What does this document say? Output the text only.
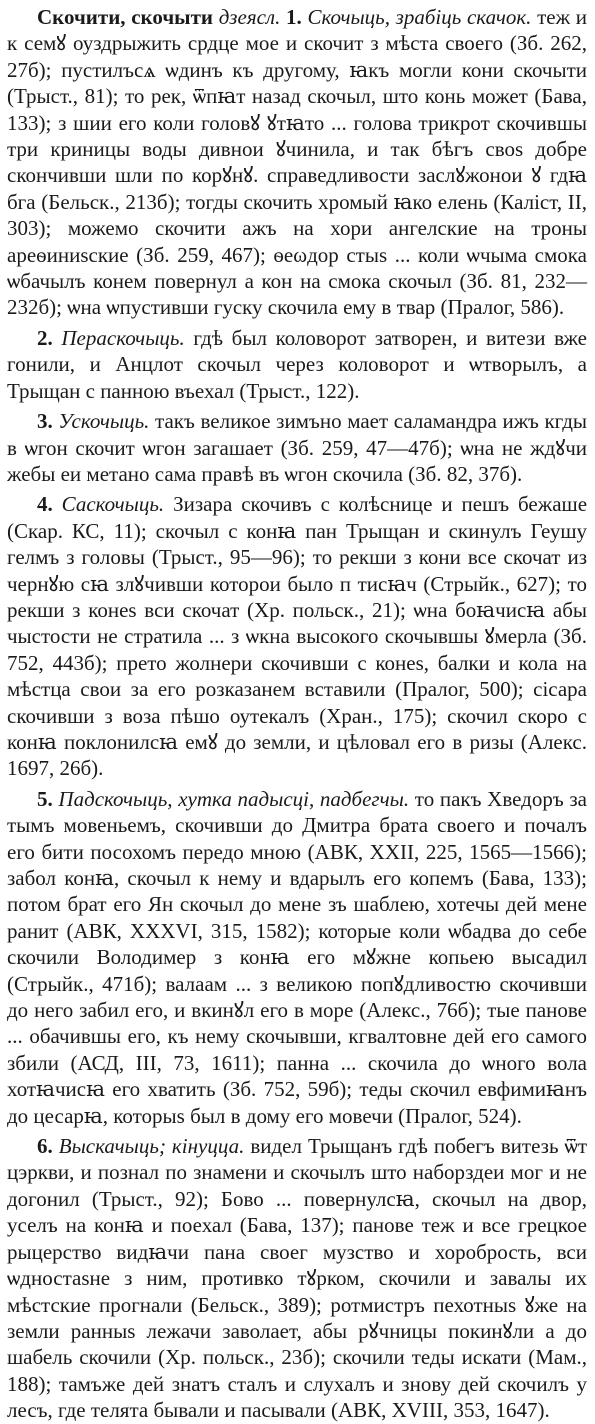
Скочити, скочыти дзеясл. 1. Скочыць, зрабіць скачок. теж и к семꙋ оуздрыжить срдце мое и скочит з мѣста своего (Зб. 262, 27б); пустилъсѧ ѡдинъ къ другому, ꙗкъ могли кони скочыти (Трыст., 81); то рек, ѿпꙗт назад скочыл, што конь может (Бава, 133); з шии его коли головꙋ ꙋтꙗто ... голова трикрот скочившы три криницы воды дивнои ꙋчинила, и так бѣгъ своs добре скончивши шли по корꙋнꙋ. справедливости заслꙋжонои ꙋ гдꙗ бга (Бельск., 213б); тогды скочить хромый ꙗко елень (Каліст, II, 303); можемо скочити ажъ на хори ангелские на троны ареѳиниsские (Зб. 259, 467); ѳеωдор стыs ... коли ѡчыма смока ѡбачылъ конем повернул а кон на смока скочыл (Зб. 81, 232—232б); ѡна ѡпустивши гуску скочила ему в твар (Пралог, 586).

2. Пераскочыць. гдѣ был коловорот затворен, и витези вже гонили, и Анцлот скочыл через коловорот и ѡтворылъ, а Трыщан с панною въехал (Трыст., 122).

3. Ускочыць. такъ великое зимъно мает саламандра ижъ кгды в ѡгон скочит ѡгон загашает (Зб. 259, 47—47б); ѡна не ждꙋчи жебы еи метано сама правѣ въ ѡгон скочила (Зб. 82, 37б).

4. Саскочыць. Зизара скочивъ с колѣснице и пешъ бежаше (Скар. КС, 11); скочыл с конꙗ пан Трыщан и скинулъ Геушу гелмъ з головы (Трыст., 95—96); то рекши з кони все скочат из чернꙋю сꙗ злꙋчивши которои было п тисꙗч (Стрыйк., 627); то рекши з конеs вси скочат (Хр. польск., 21); ѡна боꙗчисꙗ абы чыстости не стратила ... з ѡкна высокого скочывшы ꙋмерла (Зб. 752, 443б); прето жолнери скочивши с конеs, балки и кола на мѣстца свои за его розказанем вставили (Пралог, 500); сісара скочивши з воза пѣшо оутекалъ (Хран., 175); скочил скоро с конꙗ поклонилсꙗ емꙋ до земли, и цѣловал его в ризы (Алекс. 1697, 26б).

5. Падскочыць, хутка падысці, падбегчы. то пакъ Хведоръ за тымъ мовеньемъ, скочивши до Дмитра брата своего и почалъ его бити посохомъ передо мною (АВК, XXII, 225, 1565—1566); забол конꙗ, скочыл к нему и вдарылъ его копемъ (Бава, 133); потом брат его Ян скочыл до мене зъ шаблею, хотечы дей мене ранит (АВК, XXXVI, 315, 1582); которые коли ѡбадва до себе скочили Володимер з конꙗ его мꙋжне копьею высадил (Стрыйк., 471б); валаам ... з великою попꙋдливостю скочивши до него забил его, и вкинꙋл его в море (Алекс., 76б); тые панове ... обачившы его, къ нему скочывши, кгвалтовне дей его самого збили (АСД, III, 73, 1611); панна ... скочила до ѡного вола хотꙗчисꙗ его хватить (Зб. 752, 59б); теды скочил евфимиꙗнъ до цесарꙗ, которыs был в дому его мовечи (Пралог, 524).

6. Выскачыць; кінуцца. видел Трыщанъ гдѣ побегъ витезь ѿт цэркви, и познал по знамени и скочылъ што наборздеи мог и не догонил (Трыст., 92); Бово ... повернулсꙗ, скочыл на двор, уселъ на конꙗ и поехал (Бава, 137); панове теж и все грецкое рыцерство видꙗчи пана своег музство и хоробрость, вси ѡдностаsне з ним, противко тꙋрком, скочили и завалы их мѣстские прогнали (Бельск., 389); ротмистръ пехотныs ꙋже на земли ранныs лежачи заволает, абы рꙋчницы покинꙋли а до шабель скочили (Хр. польск., 23б); скочили теды искати (Мам., 188); тамъже дей знатъ сталъ и слухалъ и знову дей скочилъ у лесъ, где телята бывали и пасывали (АВК, XVIII, 353, 1647).
